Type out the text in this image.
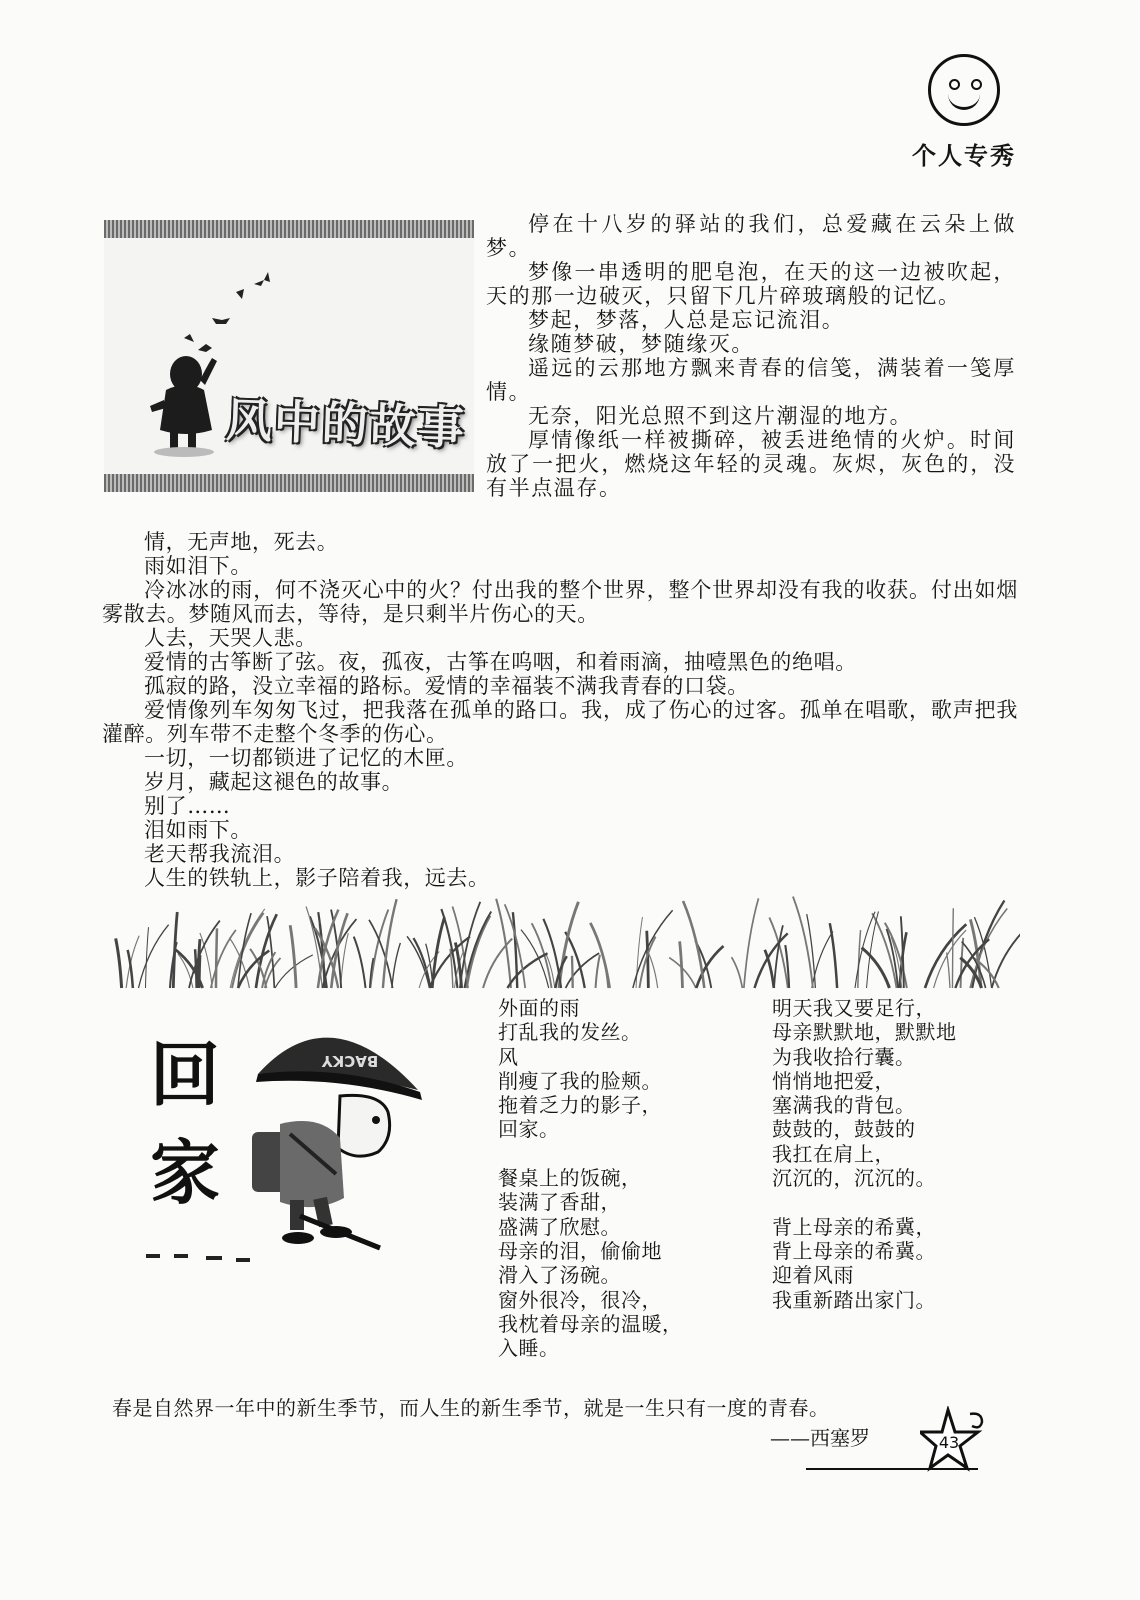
个人专秀
风中的故事

停在十八岁的驿站的我们，总爱藏在云朵上做梦。

梦像一串透明的肥皂泡，在天的这一边被吹起，天的那一边破灭，只留下几片碎玻璃般的记忆。

梦起，梦落，人总是忘记流泪。

缘随梦破，梦随缘灭。

遥远的云那地方飘来青春的信笺，满装着一笺厚情。

无奈，阳光总照不到这片潮湿的地方。

厚情像纸一样被撕碎，被丢进绝情的火炉。时间放了一把火，燃烧这年轻的灵魂。灰烬，灰色的，没有半点温存。

情，无声地，死去。

雨如泪下。

冷冰冰的雨，何不浇灭心中的火？付出我的整个世界，整个世界却没有我的收获。付出如烟雾散去。梦随风而去，等待，是只剩半片伤心的天。

人去，天哭人悲。

爱情的古筝断了弦。夜，孤夜，古筝在呜咽，和着雨滴，抽噎黑色的绝唱。

孤寂的路，没立幸福的路标。爱情的幸福装不满我青春的口袋。

爱情像列车匆匆飞过，把我落在孤单的路口。我，成了伤心的过客。孤单在唱歌，歌声把我灌醉。列车带不走整个冬季的伤心。

一切，一切都锁进了记忆的木匣。

岁月，藏起这褪色的故事。

别了……

泪如雨下。

老天帮我流泪。

人生的铁轨上，影子陪着我，远去。

回
家
BACKY
外面的雨
打乱我的发丝。
风
削瘦了我的脸颊。
拖着乏力的影子，
回家。
餐桌上的饭碗，
装满了香甜，
盛满了欣慰。
母亲的泪，偷偷地
滑入了汤碗。
窗外很冷，很冷，
我枕着母亲的温暖，
入睡。
明天我又要足行，
母亲默默地，默默地
为我收拾行囊。
悄悄地把爱，
塞满我的背包。
鼓鼓的，鼓鼓的
我扛在肩上，
沉沉的，沉沉的。
背上母亲的希冀，
背上母亲的希冀。
迎着风雨
我重新踏出家门。
春是自然界一年中的新生季节，而人生的新生季节，就是一生只有一度的青春。
——西塞罗	43
